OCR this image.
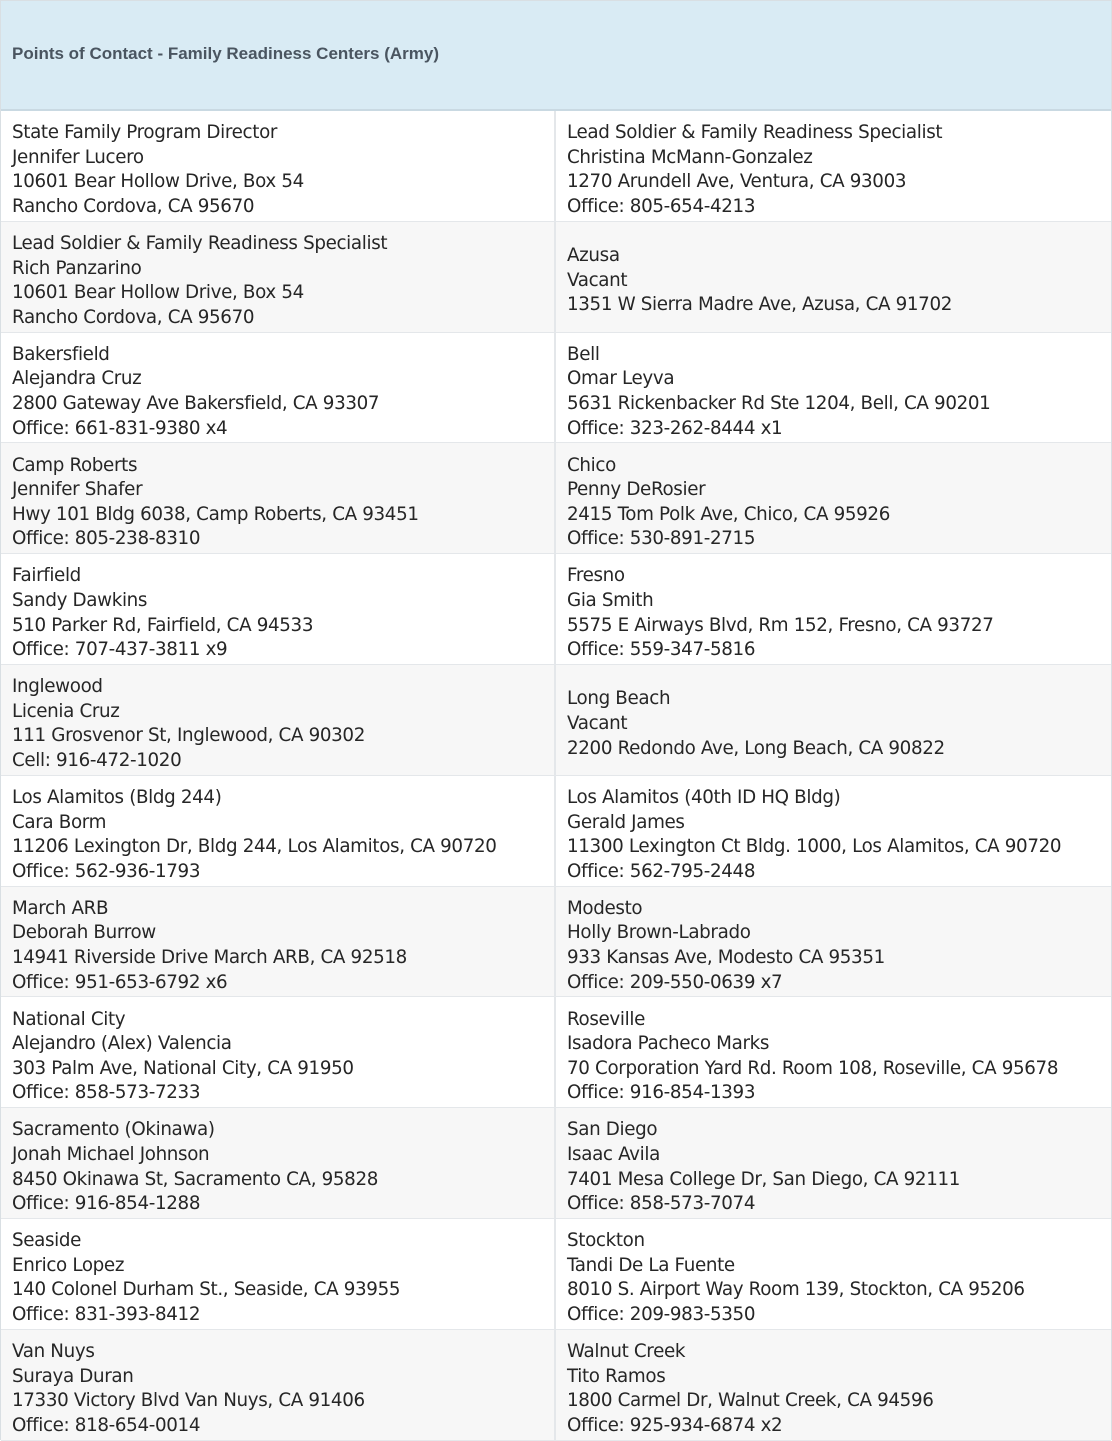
Points of Contact - Family Readiness Centers (Army)
State Family Program Director
Jennifer Lucero
10601 Bear Hollow Drive, Box 54
Rancho Cordova, CA 95670
Lead Soldier & Family Readiness Specialist
Christina McMann-Gonzalez
1270 Arundell Ave, Ventura, CA 93003
Office: 805-654-4213
Lead Soldier & Family Readiness Specialist
Rich Panzarino
10601 Bear Hollow Drive, Box 54
Rancho Cordova, CA 95670
Azusa
Vacant
1351 W Sierra Madre Ave, Azusa, CA 91702
Bakersfield
Alejandra Cruz
2800 Gateway Ave Bakersfield, CA 93307
Office: 661-831-9380 x4
Bell
Omar Leyva
5631 Rickenbacker Rd Ste 1204, Bell, CA 90201
Office: 323-262-8444 x1
Camp Roberts
Jennifer Shafer
Hwy 101 Bldg 6038, Camp Roberts, CA 93451
Office: 805-238-8310
Chico
Penny DeRosier
2415 Tom Polk Ave, Chico, CA 95926
Office: 530-891-2715
Fairfield
Sandy Dawkins
510 Parker Rd, Fairfield, CA 94533
Office: 707-437-3811 x9
Fresno
Gia Smith
5575 E Airways Blvd, Rm 152, Fresno, CA 93727
Office: 559-347-5816
Inglewood
Licenia Cruz
111 Grosvenor St, Inglewood, CA 90302
Cell: 916-472-1020
Long Beach
Vacant
2200 Redondo Ave, Long Beach, CA 90822
Los Alamitos (Bldg 244)
Cara Borm
11206 Lexington Dr, Bldg 244, Los Alamitos, CA 90720
Office: 562-936-1793
Los Alamitos (40th ID HQ Bldg)
Gerald James
11300 Lexington Ct Bldg. 1000, Los Alamitos, CA 90720
Office: 562-795-2448
March ARB
Deborah Burrow
14941 Riverside Drive March ARB, CA 92518
Office: 951-653-6792 x6
Modesto
Holly Brown-Labrado
933 Kansas Ave, Modesto CA 95351
Office: 209-550-0639 x7
National City
Alejandro (Alex) Valencia
303 Palm Ave, National City, CA 91950
Office: 858-573-7233
Roseville
Isadora Pacheco Marks
70 Corporation Yard Rd. Room 108, Roseville, CA 95678
Office: 916-854-1393
Sacramento (Okinawa)
Jonah Michael Johnson
8450 Okinawa St, Sacramento CA, 95828
Office: 916-854-1288
San Diego
Isaac Avila
7401 Mesa College Dr, San Diego, CA 92111
Office: 858-573-7074
Seaside
Enrico Lopez
140 Colonel Durham St., Seaside, CA 93955
Office: 831-393-8412
Stockton
Tandi De La Fuente
8010 S. Airport Way Room 139, Stockton, CA 95206
Office: 209-983-5350
Van Nuys
Suraya Duran
17330 Victory Blvd Van Nuys, CA 91406
Office: 818-654-0014
Walnut Creek
Tito Ramos
1800 Carmel Dr, Walnut Creek, CA 94596
Office: 925-934-6874 x2
